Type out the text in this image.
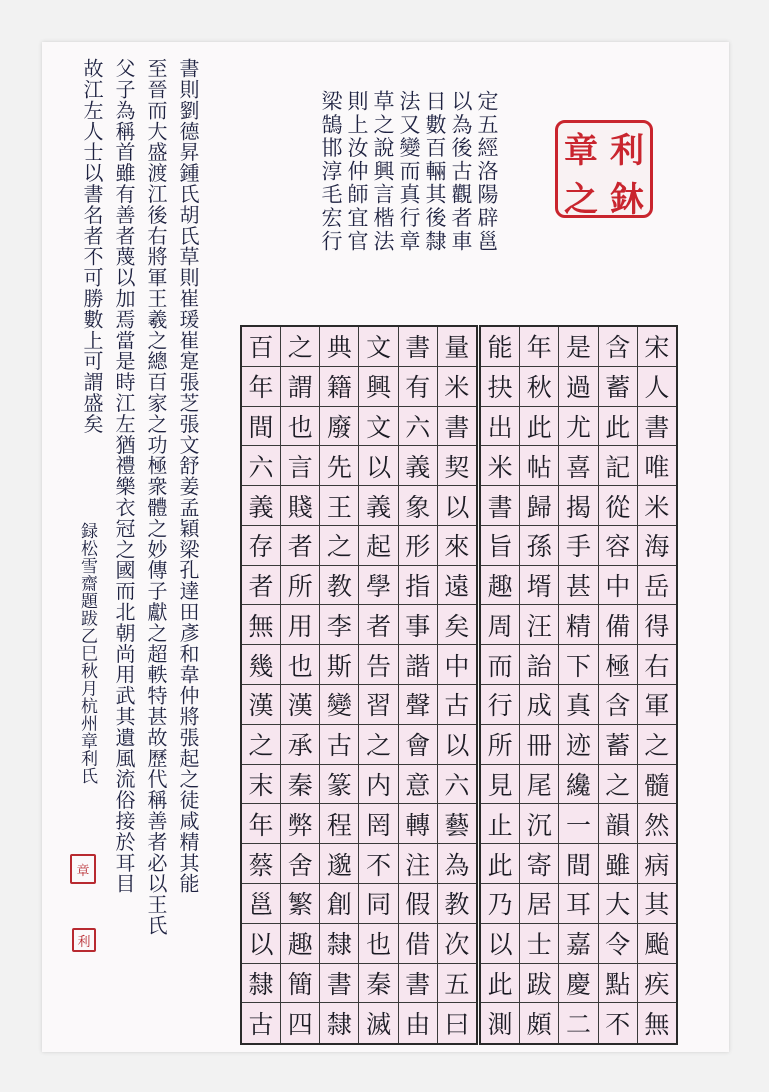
書則劉德昇鍾氏胡氏草則崔瑗崔寔張芝張文舒姜孟穎梁孔達田彥和韋仲將張起之徒咸精其能
至晉而大盛渡江後右將軍王羲之總百家之功極衆體之妙傳子獻之超軼特甚故歷代稱善者必以王氏
父子為稱首雖有善者蔑以加焉當是時江左猶禮樂衣冠之國而北朝尚用武其遺風流俗接於耳目
故江左人士以書名者不可勝數上可謂盛矣
録松雪齋題跋乙巳秋月杭州章利氏
章
利
定五經洛陽辟邕
以為後古觀者車
日數百輛其後隸
法又變而真行章
草之說興言楷法
則上汝仲師宜官
梁鵠邯淳毛宏行	章 利
之 鈢
宋
人
書
唯
米
海
岳
得
右
軍
之
髓
然
病
其
颱
疾
無
含
蓄
此
記
從
容
中
備
極
含
蓄
之
韻
雖
大
令
點
不
是
過
尤
喜
揭
手
甚
精
下
真
迹
纔
一
間
耳
嘉
慶
二
年
秋
此
帖
歸
孫
壻
汪
詒
成
冊
尾
沉
寄
居
士
跋
頗
能
抉
出
米
書
旨
趣
周
而
行
所
見
止
此
乃
以
此
測
量
米
書
契
以
來
遠
矣
中
古
以
六
藝
為
教
次
五
曰
書
有
六
義
象
形
指
事
諧
聲
會
意
轉
注
假
借
書
由
文
興
文
以
義
起
學
者
告
習
之
内
罔
不
同
也
秦
滅
典
籍
廢
先
王
之
教
李
斯
變
古
篆
程
邈
創
隸
書
隸
之
謂
也
言
賤
者
所
用
也
漢
承
秦
弊
舍
繁
趣
簡
四
百
年
間
六
義
存
者
無
幾
漢
之
末
年
蔡
邕
以
隸
古
